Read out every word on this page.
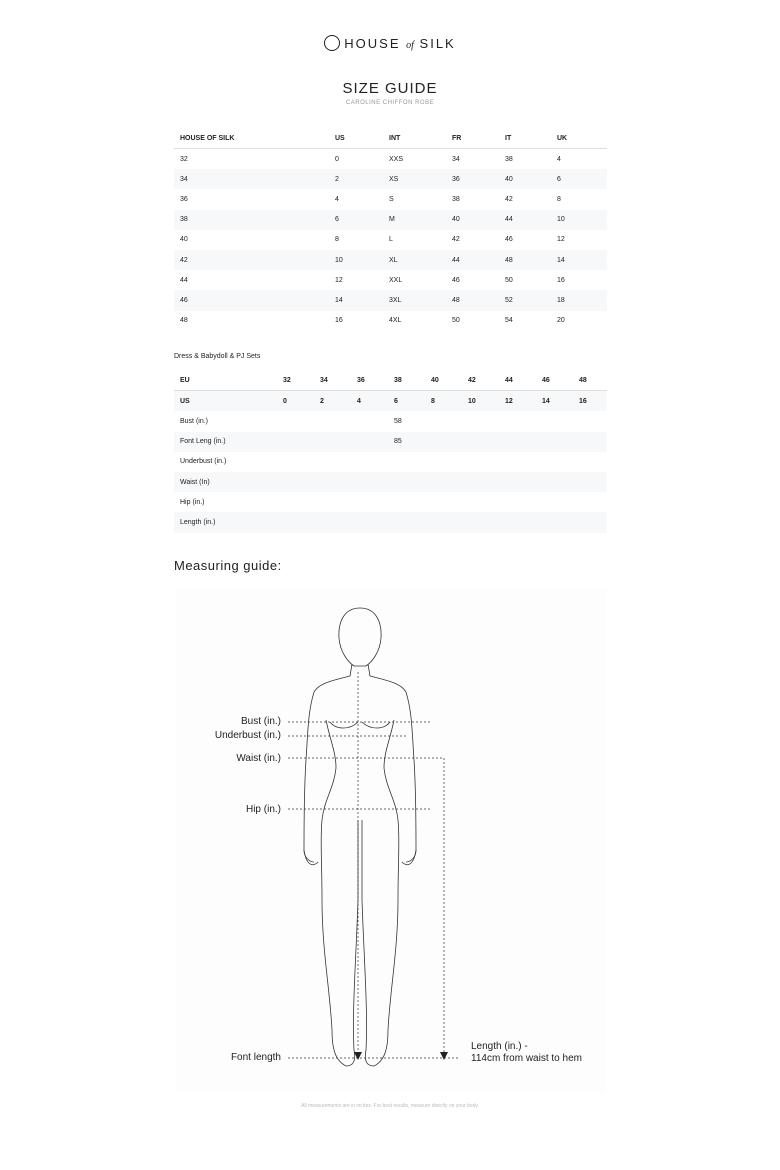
HOUSE of SILK
SIZE GUIDE
CAROLINE CHIFFON ROBE
HOUSE OF SILK	US	INT	FR	IT	UK
32	0	XXS	34	38	4
34	2	XS	36	40	6
36	4	S	38	42	8
38	6	M	40	44	10
40	8	L	42	46	12
42	10	XL	44	48	14
44	12	XXL	46	50	16
46	14	3XL	48	52	18
48	16	4XL	50	54	20
Dress & Babydoll & PJ Sets
EU	32	34	36	38	40	42	44	46	48
US	0	2	4	6	8	10	12	14	16
Bust (in.)				58					
Font Leng (in.)				85					
Underbust (in.)									
Waist (In)									
Hip (in.)									
Length (in.)									
Measuring guide:
Bust (in.)
Underbust (in.)
Waist (in.)
Hip (in.)
Font length
Length (in.) -
114cm from waist to hem
All measurements are in inches. For best results, measure directly on your body.
